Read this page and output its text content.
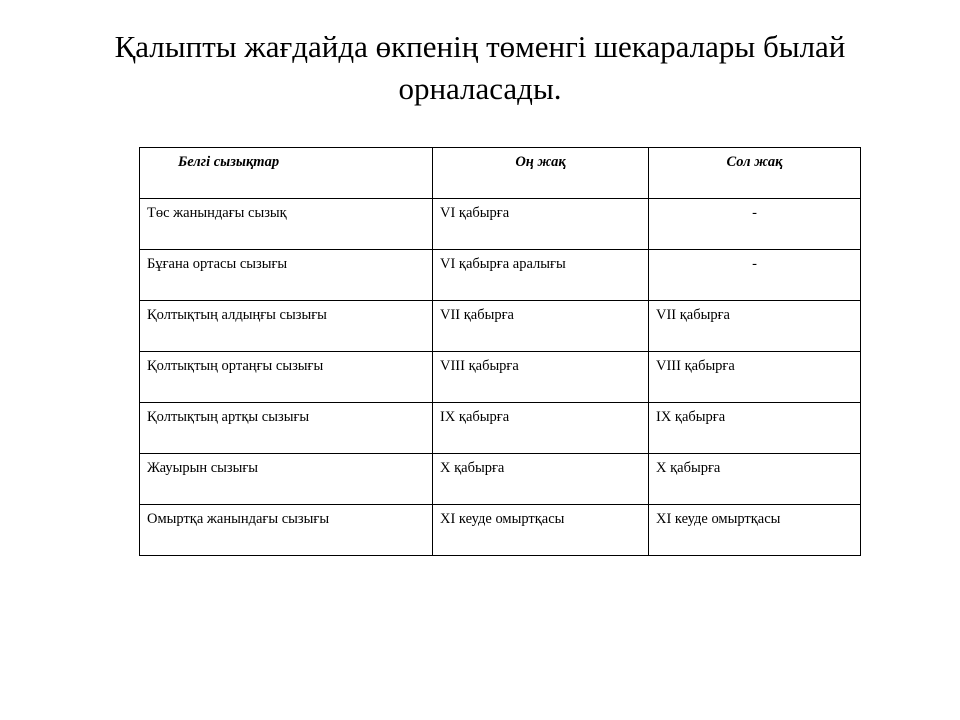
Қалыпты жағдайда өкпенің төменгі шекаралары былай
орналасады.
Белгі сызықтар	Оң жақ	Сол жақ
Төс жанындағы сызық	VI қабырға	-
Бұғана ортасы сызығы	VI қабырға аралығы	-
Қолтықтың алдыңғы сызығы	VII қабырға	VII қабырға
Қолтықтың ортаңғы сызығы	VIII қабырға	VIII қабырға
Қолтықтың артқы сызығы	IX қабырға	IX қабырға
Жауырын сызығы	X қабырға	X қабырға
Омыртқа жанындағы сызығы	XI кеуде омыртқасы	XI кеуде омыртқасы
